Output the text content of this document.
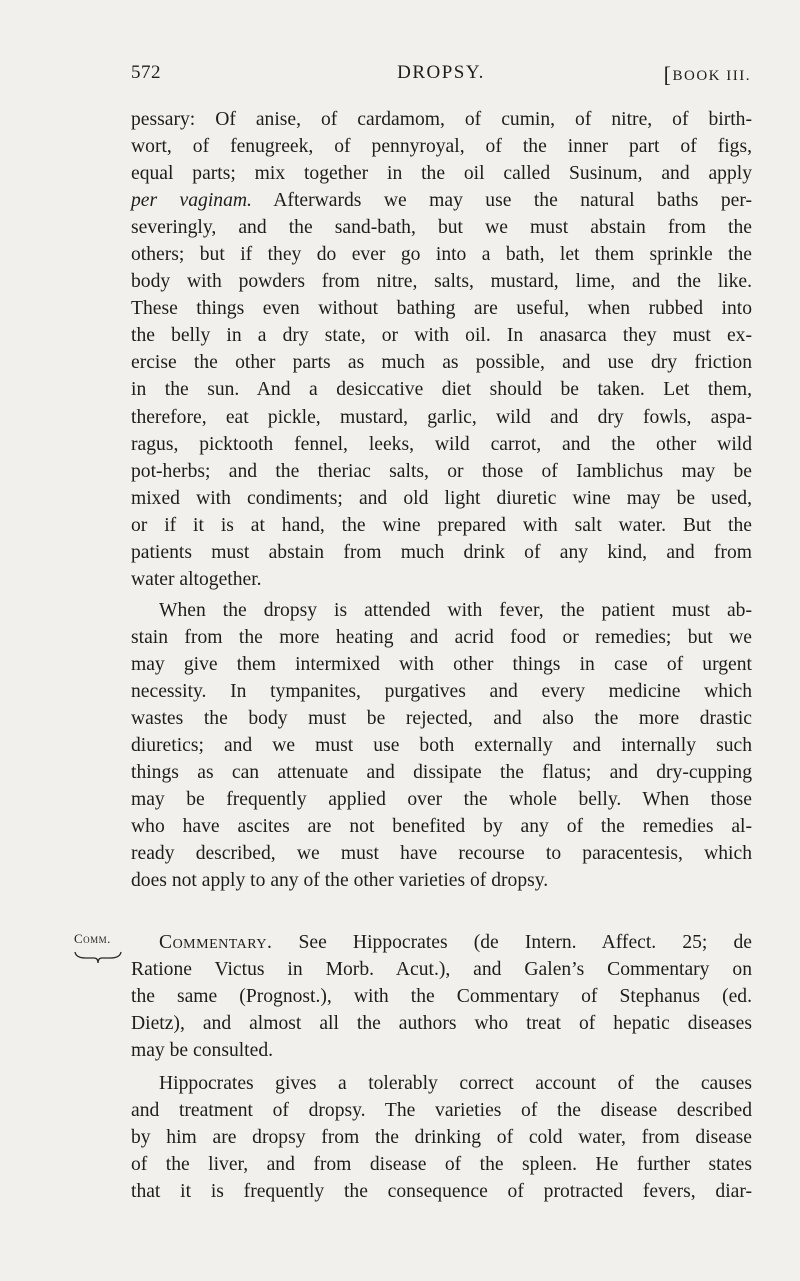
572	DROPSY.	[BOOK III.
pessary: Of anise, of cardamom, of cumin, of nitre, of birth-
wort, of fenugreek, of pennyroyal, of the inner part of figs,
equal parts; mix together in the oil called Susinum, and apply
per vaginam. Afterwards we may use the natural baths per-
severingly, and the sand-bath, but we must abstain from the
others; but if they do ever go into a bath, let them sprinkle the
body with powders from nitre, salts, mustard, lime, and the like.
These things even without bathing are useful, when rubbed into
the belly in a dry state, or with oil. In anasarca they must ex-
ercise the other parts as much as possible, and use dry friction
in the sun. And a desiccative diet should be taken. Let them,
therefore, eat pickle, mustard, garlic, wild and dry fowls, aspa-
ragus, picktooth fennel, leeks, wild carrot, and the other wild
pot-herbs; and the theriac salts, or those of Iamblichus may be
mixed with condiments; and old light diuretic wine may be used,
or if it is at hand, the wine prepared with salt water. But the
patients must abstain from much drink of any kind, and from
water altogether.
When the dropsy is attended with fever, the patient must ab-
stain from the more heating and acrid food or remedies; but we
may give them intermixed with other things in case of urgent
necessity. In tympanites, purgatives and every medicine which
wastes the body must be rejected, and also the more drastic
diuretics; and we must use both externally and internally such
things as can attenuate and dissipate the flatus; and dry-cupping
may be frequently applied over the whole belly. When those
who have ascites are not benefited by any of the remedies al-
ready described, we must have recourse to paracentesis, which
does not apply to any of the other varieties of dropsy.
Comm.	Commentary. See Hippocrates (de Intern. Affect. 25; de
Ratione Victus in Morb. Acut.), and Galen’s Commentary on
the same (Prognost.), with the Commentary of Stephanus (ed.
Dietz), and almost all the authors who treat of hepatic diseases
may be consulted.
Hippocrates gives a tolerably correct account of the causes
and treatment of dropsy. The varieties of the disease described
by him are dropsy from the drinking of cold water, from disease
of the liver, and from disease of the spleen. He further states
that it is frequently the consequence of protracted fevers, diar-
